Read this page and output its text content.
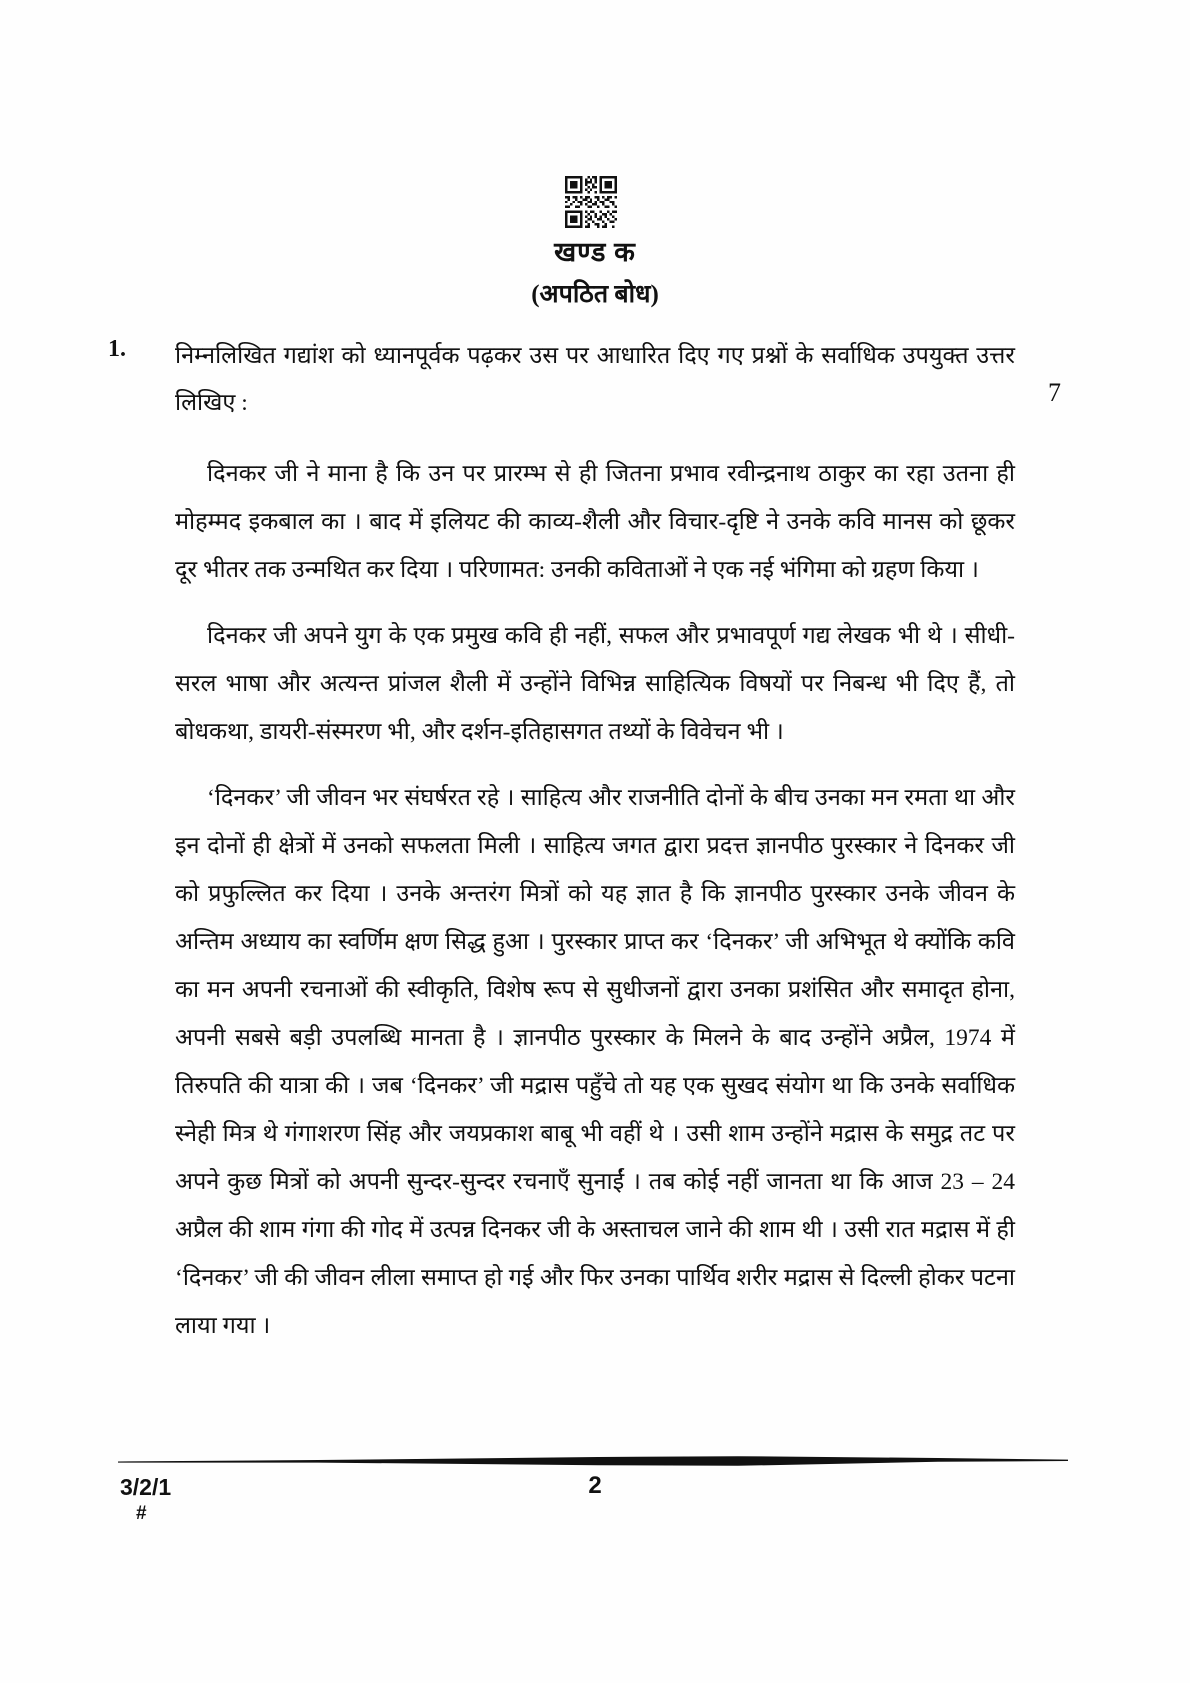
खण्ड क
(अपठित बोध)
1. निम्नलिखित गद्यांश को ध्यानपूर्वक पढ़कर उस पर आधारित दिए गए प्रश्नों के सर्वाधिक उपयुक्त उत्तर लिखिए :	7

दिनकर जी ने माना है कि उन पर प्रारम्भ से ही जितना प्रभाव रवीन्द्रनाथ ठाकुर का रहा उतना ही मोहम्मद इकबाल का । बाद में इलियट की काव्य-शैली और विचार-दृष्टि ने उनके कवि मानस को छूकर दूर भीतर तक उन्मथित कर दिया । परिणामत: उनकी कविताओं ने एक नई भंगिमा को ग्रहण किया ।

दिनकर जी अपने युग के एक प्रमुख कवि ही नहीं, सफल और प्रभावपूर्ण गद्य लेखक भी थे । सीधी-सरल भाषा और अत्यन्त प्रांजल शैली में उन्होंने विभिन्न साहित्यिक विषयों पर निबन्ध भी दिए हैं, तो बोधकथा, डायरी-संस्मरण भी, और दर्शन-इतिहासगत तथ्यों के विवेचन भी ।

‘दिनकर’ जी जीवन भर संघर्षरत रहे । साहित्य और राजनीति दोनों के बीच उनका मन रमता था और इन दोनों ही क्षेत्रों में उनको सफलता मिली । साहित्य जगत द्वारा प्रदत्त ज्ञानपीठ पुरस्कार ने दिनकर जी को प्रफुल्लित कर दिया । उनके अन्तरंग मित्रों को यह ज्ञात है कि ज्ञानपीठ पुरस्कार उनके जीवन के अन्तिम अध्याय का स्वर्णिम क्षण सिद्ध हुआ । पुरस्कार प्राप्त कर ‘दिनकर’ जी अभिभूत थे क्योंकि कवि का मन अपनी रचनाओं की स्वीकृति, विशेष रूप से सुधीजनों द्वारा उनका प्रशंसित और समादृत होना, अपनी सबसे बड़ी उपलब्धि मानता है । ज्ञानपीठ पुरस्कार के मिलने के बाद उन्होंने अप्रैल, 1974 में तिरुपति की यात्रा की । जब ‘दिनकर’ जी मद्रास पहुँचे तो यह एक सुखद संयोग था कि उनके सर्वाधिक स्नेही मित्र थे गंगाशरण सिंह और जयप्रकाश बाबू भी वहीं थे । उसी शाम उन्होंने मद्रास के समुद्र तट पर अपने कुछ मित्रों को अपनी सुन्दर-सुन्दर रचनाएँ सुनाईं । तब कोई नहीं जानता था कि आज 23 – 24 अप्रैल की शाम गंगा की गोद में उत्पन्न दिनकर जी के अस्ताचल जाने की शाम थी । उसी रात मद्रास में ही ‘दिनकर’ जी की जीवन लीला समाप्त हो गई और फिर उनका पार्थिव शरीर मद्रास से दिल्ली होकर पटना लाया गया ।

3/2/1
#
2
